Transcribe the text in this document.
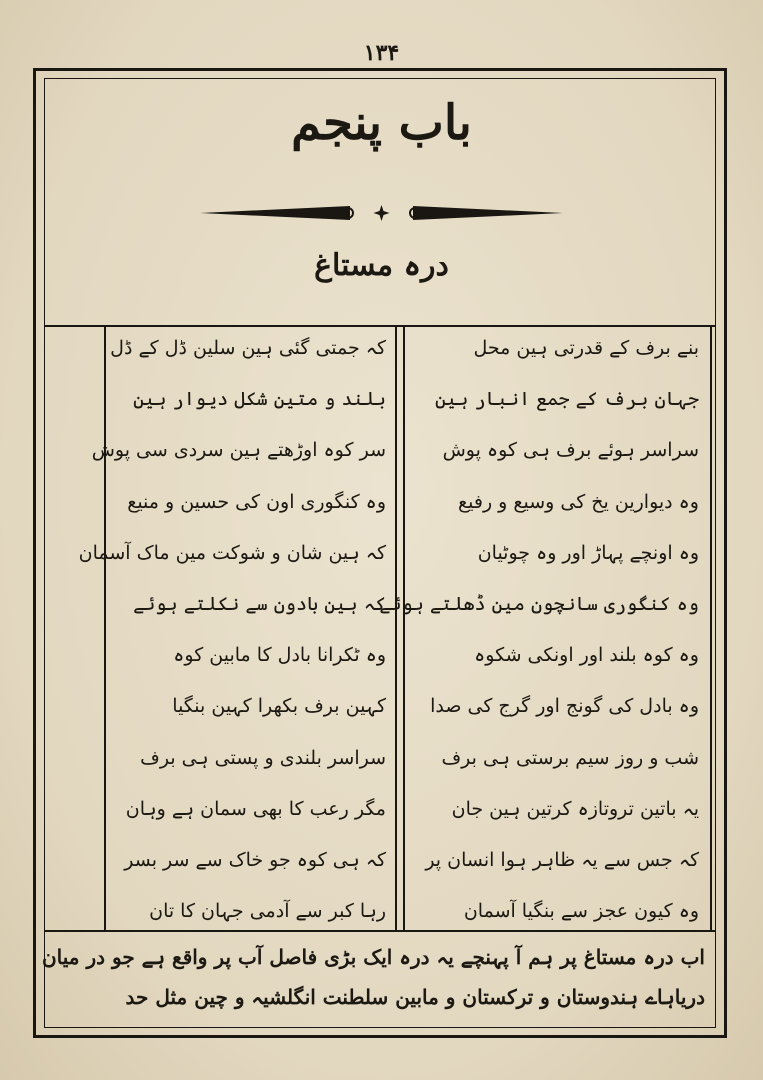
۱۳۴
باب پنجم
درہ مستاغ
بنے برف کے قدرتی ہین محل
جہان برف کے جمع انبار ہین
سراسر ہوئے برف ہی کوہ پوش
وہ دیوارین یخ کی وسیع و رفیع
وہ اونچے پہاڑ اور وہ چوٹیان
وہ کنگوری سانچون مین ڈھلتے ہوئے
وہ کوہ بلند اور اونکی شکوہ
وہ بادل کی گونج اور گرج کی صدا
شب و روز سیم برستی ہی برف
یہ باتین تروتازہ کرتین ہین جان
کہ جس سے یہ ظاہر ہوا انسان پر
وہ کیون عجز سے بنگیا آسمان
کہ جمتی گئی ہین سلین ڈل کے ڈل
بلند و متین شکل دیوار ہین
سر کوہ اوڑھتے ہین سردی سی پوش
وہ کنگوری اون کی حسین و منیع
کہ ہین شان و شوکت مین ماک آسمان
کہ ہین بادون سے نکلتے ہوئے
وہ ٹکرانا بادل کا مابین کوہ
کہین برف بکھرا کہین بنگیا
سراسر بلندی و پستی ہی برف
مگر رعب کا بھی سمان ہے وہان
کہ ہی کوہ جو خاک سے سر بسر
رہا کبر سے آدمی جہان کا تان
اب درہ مستاغ پر ہم آ پہنچے یہ درہ ایک بڑی فاصل آب پر واقع ہے جو در میان
دریاہاے ہندوستان و ترکستان و مابین سلطنت انگلشیہ و چین مثل حد
